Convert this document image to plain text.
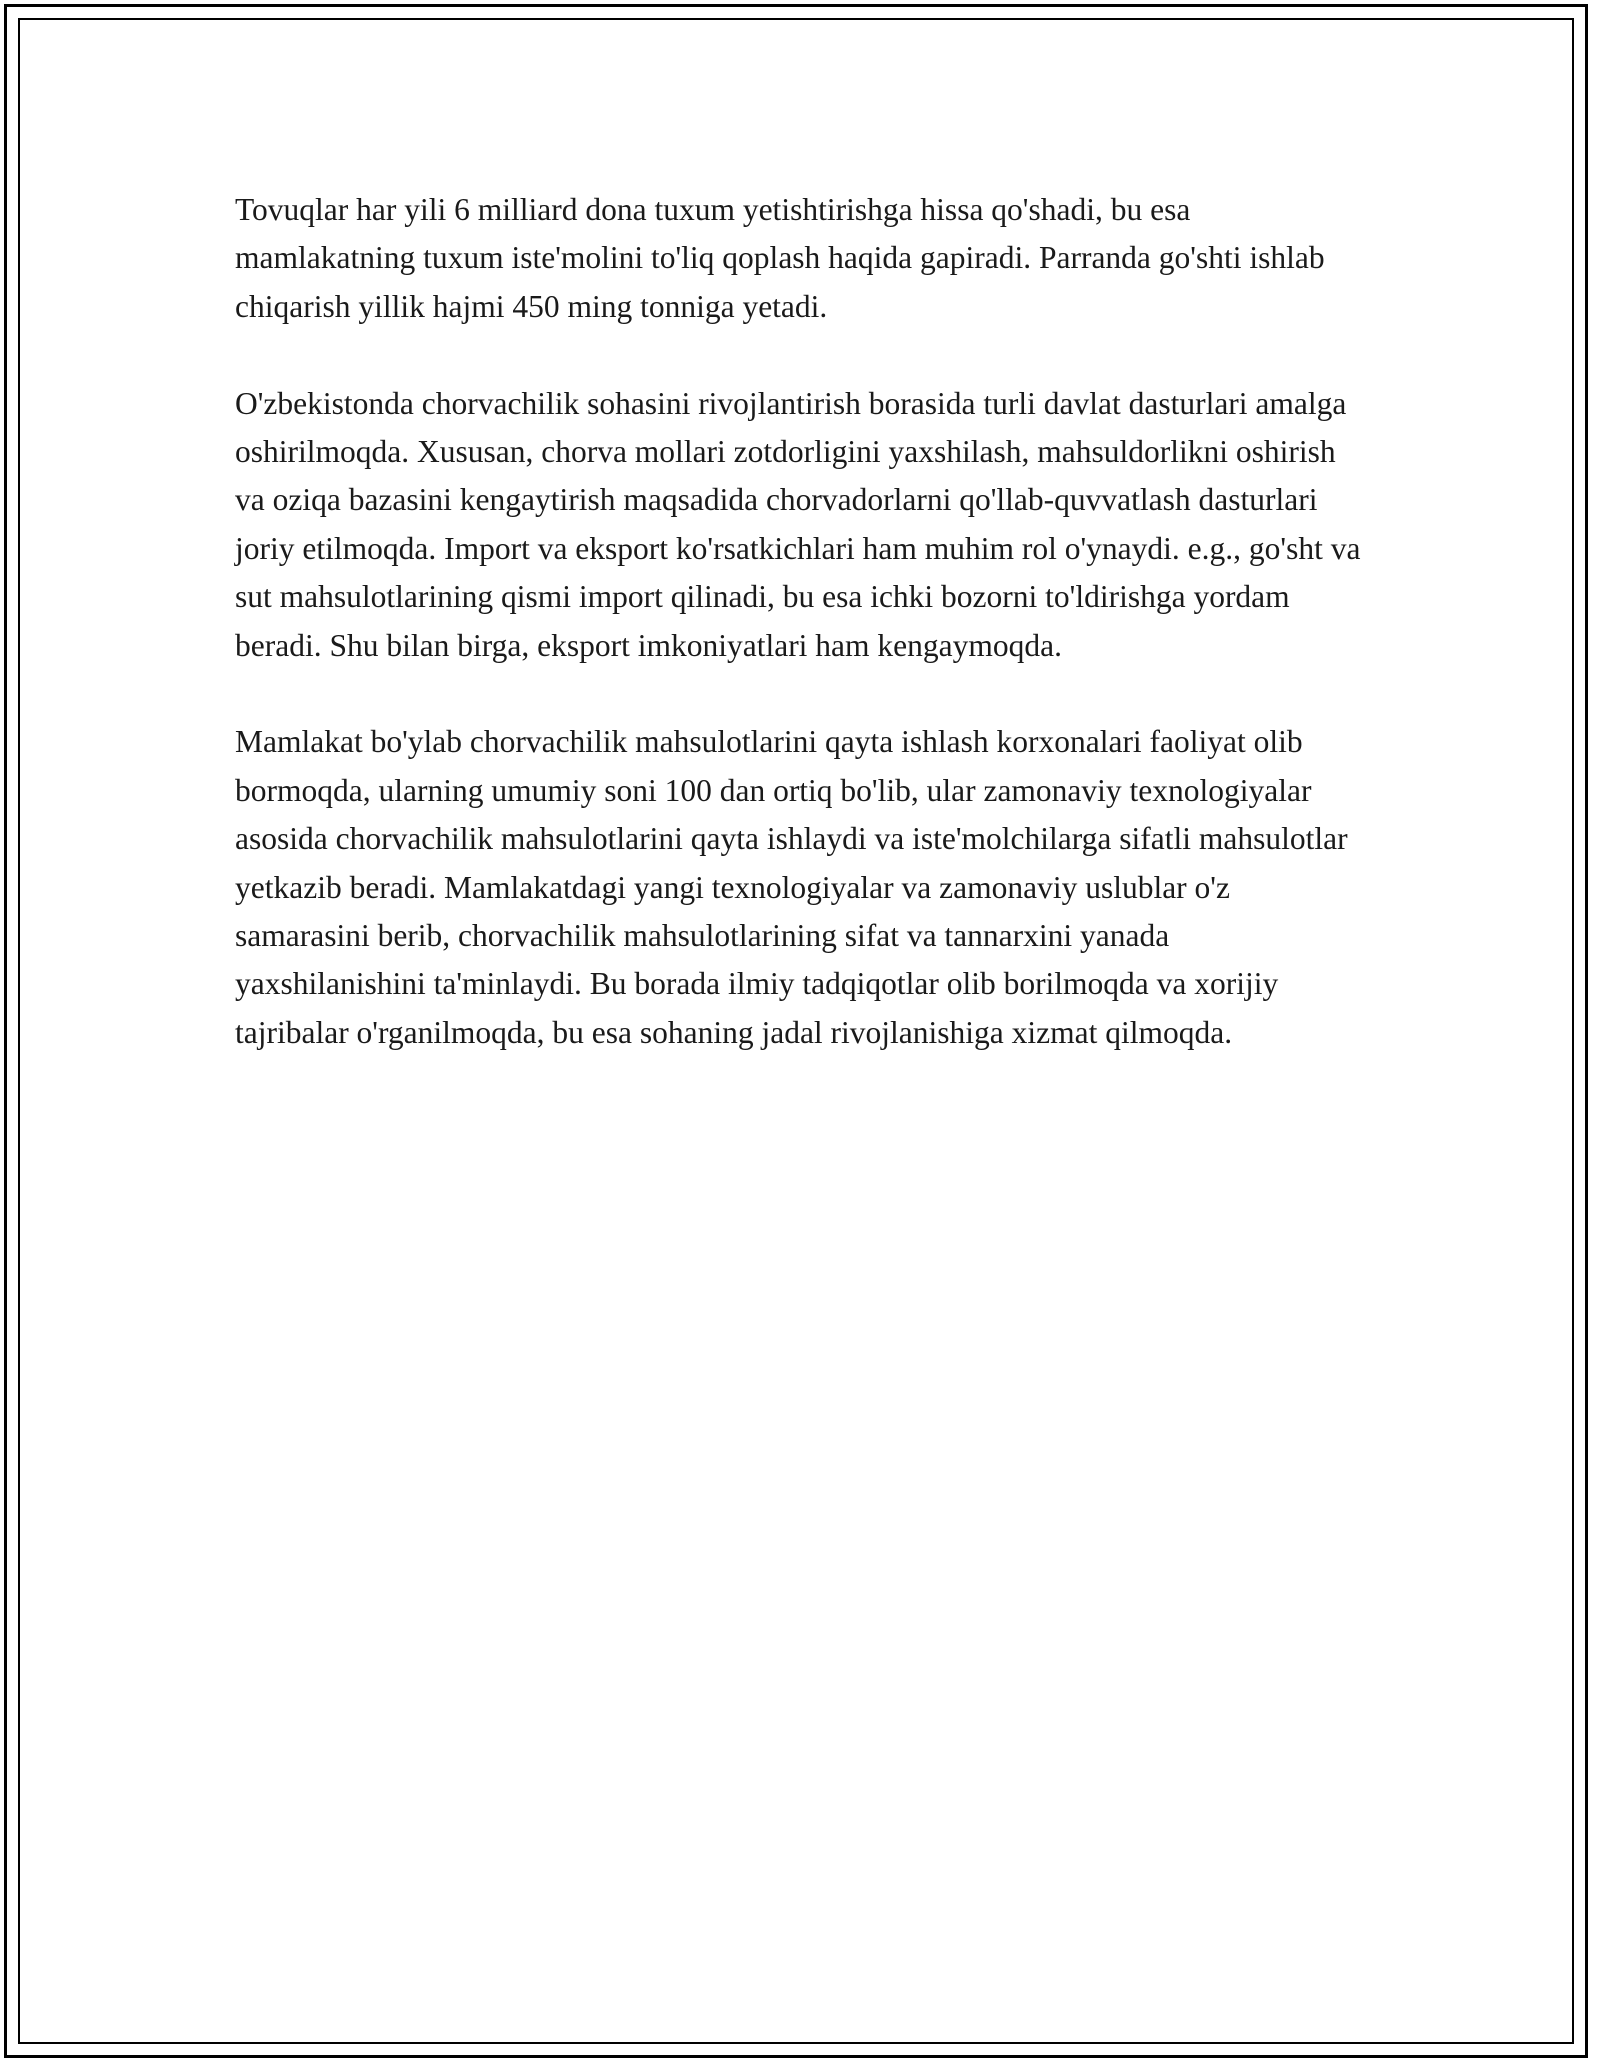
Tovuqlar har yili 6 milliard dona tuxum yetishtirishga hissa qo'shadi, bu esa mamlakatning tuxum iste'molini to'liq qoplash haqida gapiradi. Parranda go'shti ishlab chiqarish yillik hajmi 450 ming tonniga yetadi.

O'zbekistonda chorvachilik sohasini rivojlantirish borasida turli davlat dasturlari amalga oshirilmoqda. Xususan, chorva mollari zotdorligini yaxshilash, mahsuldorlikni oshirish va oziqa bazasini kengaytirish maqsadida chorvadorlarni qo'llab-quvvatlash dasturlari joriy etilmoqda. Import va eksport ko'rsatkichlari ham muhim rol o'ynaydi. e.g., go'sht va sut mahsulotlarining qismi import qilinadi, bu esa ichki bozorni to'ldirishga yordam beradi. Shu bilan birga, eksport imkoniyatlari ham kengaymoqda.

Mamlakat bo'ylab chorvachilik mahsulotlarini qayta ishlash korxonalari faoliyat olib bormoqda, ularning umumiy soni 100 dan ortiq bo'lib, ular zamonaviy texnologiyalar asosida chorvachilik mahsulotlarini qayta ishlaydi va iste'molchilarga sifatli mahsulotlar yetkazib beradi. Mamlakatdagi yangi texnologiyalar va zamonaviy uslublar o'z samarasini berib, chorvachilik mahsulotlarining sifat va tannarxini yanada yaxshilanishini ta'minlaydi. Bu borada ilmiy tadqiqotlar olib borilmoqda va xorijiy tajribalar o'rganilmoqda, bu esa sohaning jadal rivojlanishiga xizmat qilmoqda.
